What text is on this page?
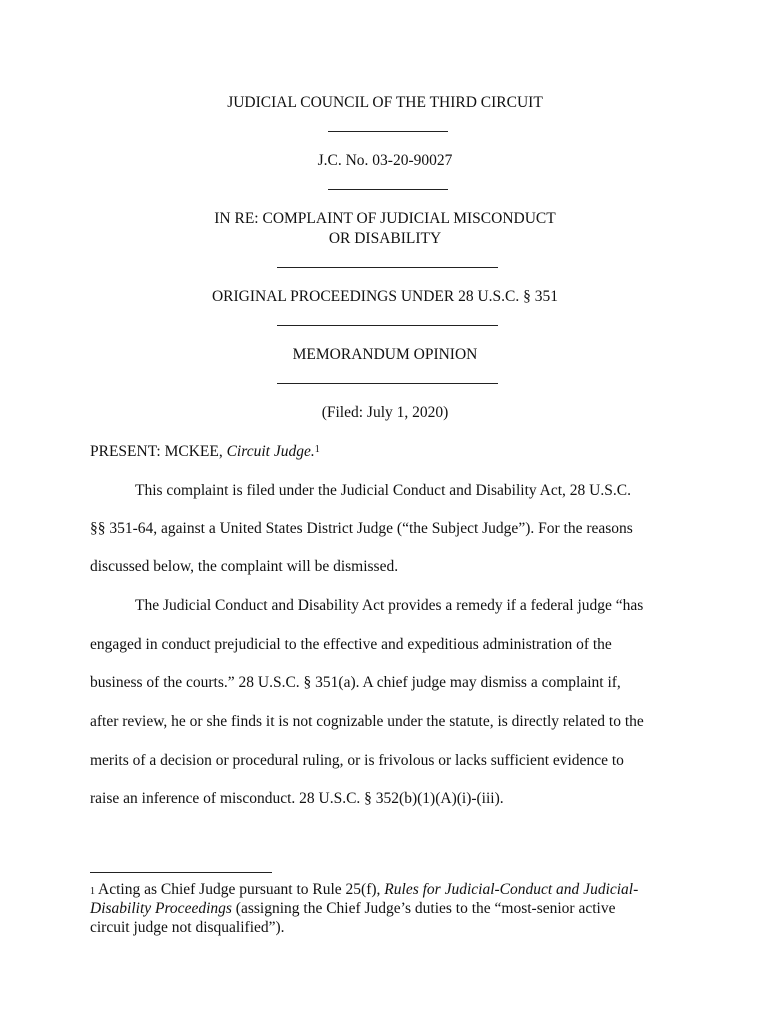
JUDICIAL COUNCIL OF THE THIRD CIRCUIT
J.C. No. 03-20-90027
IN RE: COMPLAINT OF JUDICIAL MISCONDUCT
OR DISABILITY
ORIGINAL PROCEEDINGS UNDER 28 U.S.C. § 351
MEMORANDUM OPINION
(Filed: July 1, 2020)
PRESENT: MCKEE, Circuit Judge.$^1$
This complaint is filed under the Judicial Conduct and Disability Act, 28 U.S.C.
§§ 351-64, against a United States District Judge (“the Subject Judge”). For the reasons
discussed below, the complaint will be dismissed.
The Judicial Conduct and Disability Act provides a remedy if a federal judge “has
engaged in conduct prejudicial to the effective and expeditious administration of the
business of the courts.” 28 U.S.C. § 351(a). A chief judge may dismiss a complaint if,
after review, he or she finds it is not cognizable under the statute, is directly related to the
merits of a decision or procedural ruling, or is frivolous or lacks sufficient evidence to
raise an inference of misconduct. 28 U.S.C. § 352(b)(1)(A)(i)-(iii).
$^1$ Acting as Chief Judge pursuant to Rule 25(f), Rules for Judicial-Conduct and Judicial-
Disability Proceedings (assigning the Chief Judge’s duties to the “most-senior active
circuit judge not disqualified”).
